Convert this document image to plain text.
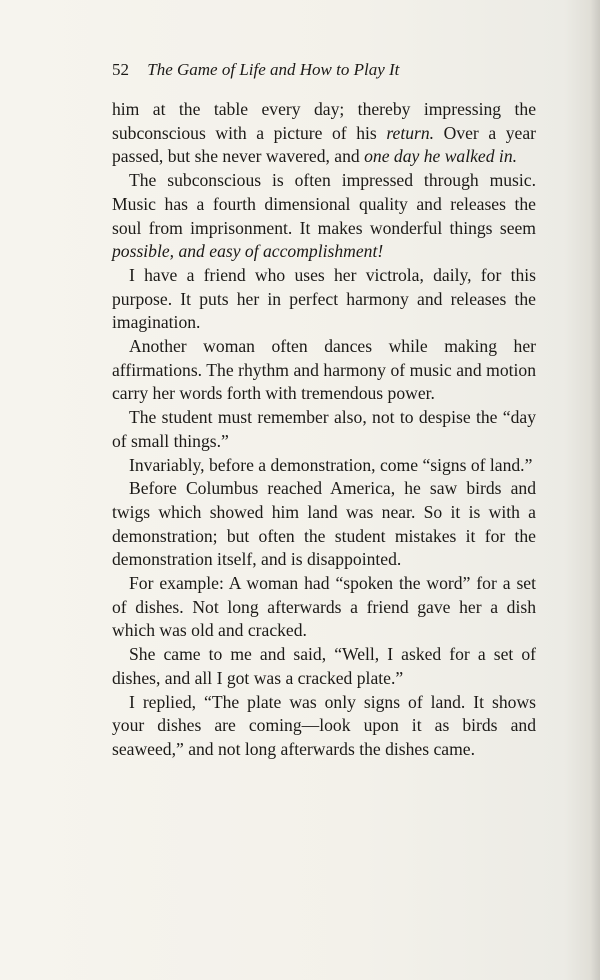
52 The Game of Life and How to Play It

him at the table every day; thereby impressing the subconscious with a picture of his return. Over a year passed, but she never wavered, and one day he walked in.

The subconscious is often impressed through music. Music has a fourth dimensional quality and releases the soul from imprisonment. It makes wonderful things seem possible, and easy of accomplishment!

I have a friend who uses her victrola, daily, for this purpose. It puts her in perfect harmony and releases the imagination.

Another woman often dances while making her affirmations. The rhythm and harmony of music and motion carry her words forth with tremendous power.

The student must remember also, not to despise the “day of small things.”

Invariably, before a demonstration, come “signs of land.”

Before Columbus reached America, he saw birds and twigs which showed him land was near. So it is with a demonstration; but often the student mistakes it for the demonstration itself, and is disappointed.

For example: A woman had “spoken the word” for a set of dishes. Not long afterwards a friend gave her a dish which was old and cracked.

She came to me and said, “Well, I asked for a set of dishes, and all I got was a cracked plate.”

I replied, “The plate was only signs of land. It shows your dishes are coming—look upon it as birds and seaweed,” and not long afterwards the dishes came.
